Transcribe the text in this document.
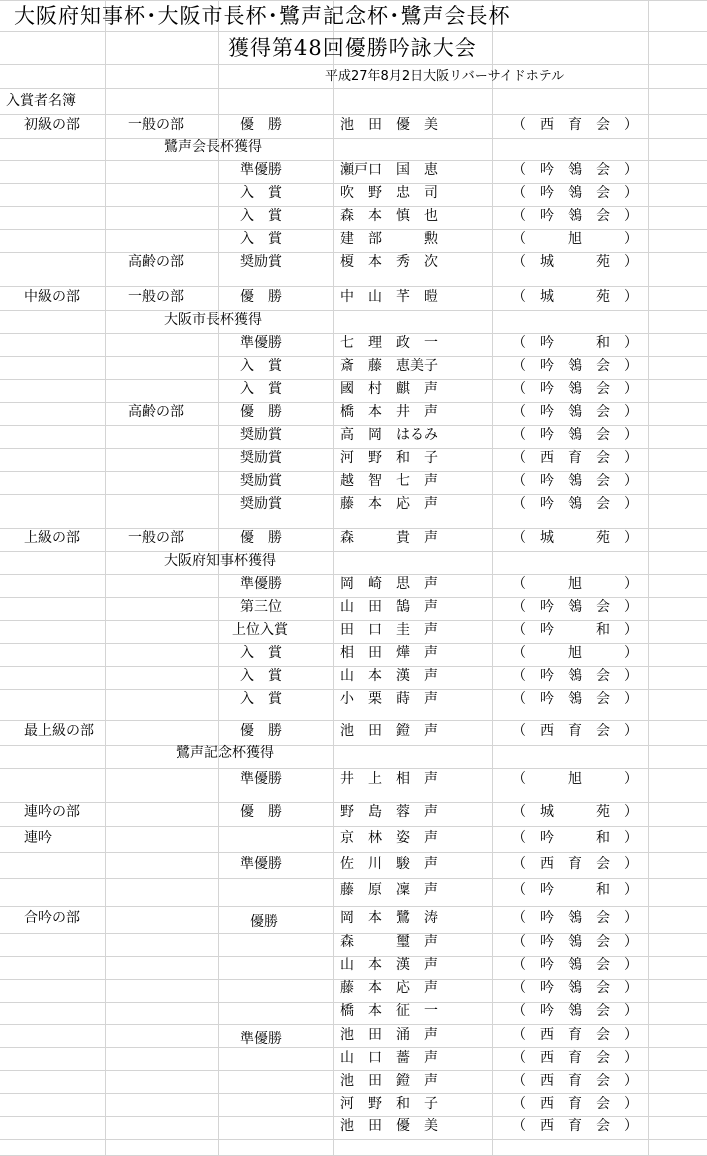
大阪府知事杯･大阪市長杯･鷺声記念杯･鷺声会長杯
獲得第48回優勝吟詠大会
平成27年8月2日大阪リバーサイドホテル
入賞者名簿
初級の部	一般の部	優　勝	池　田　優　美	（　西　育　会　）
鷺声会長杯獲得
準優勝	瀬戸口　国　恵	（　吟　鴒　会　）
入　賞	吹　野　忠　司	（　吟　鴒　会　）
入　賞	森　本　慎　也	（　吟　鴒　会　）
入　賞	建　部　　　勲	（　　　旭　　　）
高齢の部	奨励賞	榎　本　秀　次	（　城　　　苑　）
中級の部	一般の部	優　勝	中　山　芊　暟	（　城　　　苑　）
大阪市長杯獲得
準優勝	七　理　政　一	（　吟　　　和　）
入　賞	斎　藤　恵美子	（　吟　鴒　会　）
入　賞	國　村　麒　声	（　吟　鴒　会　）
高齢の部	優　勝	橋　本　井　声	（　吟　鴒　会　）
奨励賞	高　岡　はるみ	（　吟　鴒　会　）
奨励賞	河　野　和　子	（　西　育　会　）
奨励賞	越　智　七　声	（　吟　鴒　会　）
奨励賞	藤　本　応　声	（　吟　鴒　会　）
上級の部	一般の部	優　勝	森　　　貴　声	（　城　　　苑　）
大阪府知事杯獲得
準優勝	岡　崎　思　声	（　　　旭　　　）
第三位	山　田　鵠　声	（　吟　鴒　会　）
上位入賞	田　口　圭　声	（　吟　　　和　）
入　賞	相　田　燁　声	（　　　旭　　　）
入　賞	山　本　漢　声	（　吟　鴒　会　）
入　賞	小　栗　蒔　声	（　吟　鴒　会　）
最上級の部	優　勝	池　田　鐙　声	（　西　育　会　）
鷺声記念杯獲得
準優勝	井　上　相　声	（　　　旭　　　）
連吟の部	優　勝	野　島　蓉　声	（　城　　　苑　）
連吟	京　林　姿　声	（　吟　　　和　）
準優勝	佐　川　駿　声	（　西　育　会　）
藤　原　凜　声	（　吟　　　和　）
合吟の部	優勝	岡　本　鷺　涛	（　吟　鴒　会　）
森　　　璽　声	（　吟　鴒　会　）
山　本　漢　声	（　吟　鴒　会　）
藤　本　応　声	（　吟　鴒　会　）
橋　本　征　一	（　吟　鴒　会　）
準優勝	池　田　涌　声	（　西　育　会　）
山　口　薔　声	（　西　育　会　）
池　田　鐙　声	（　西　育　会　）
河　野　和　子	（　西　育　会　）
池　田　優　美	（　西　育　会　）
